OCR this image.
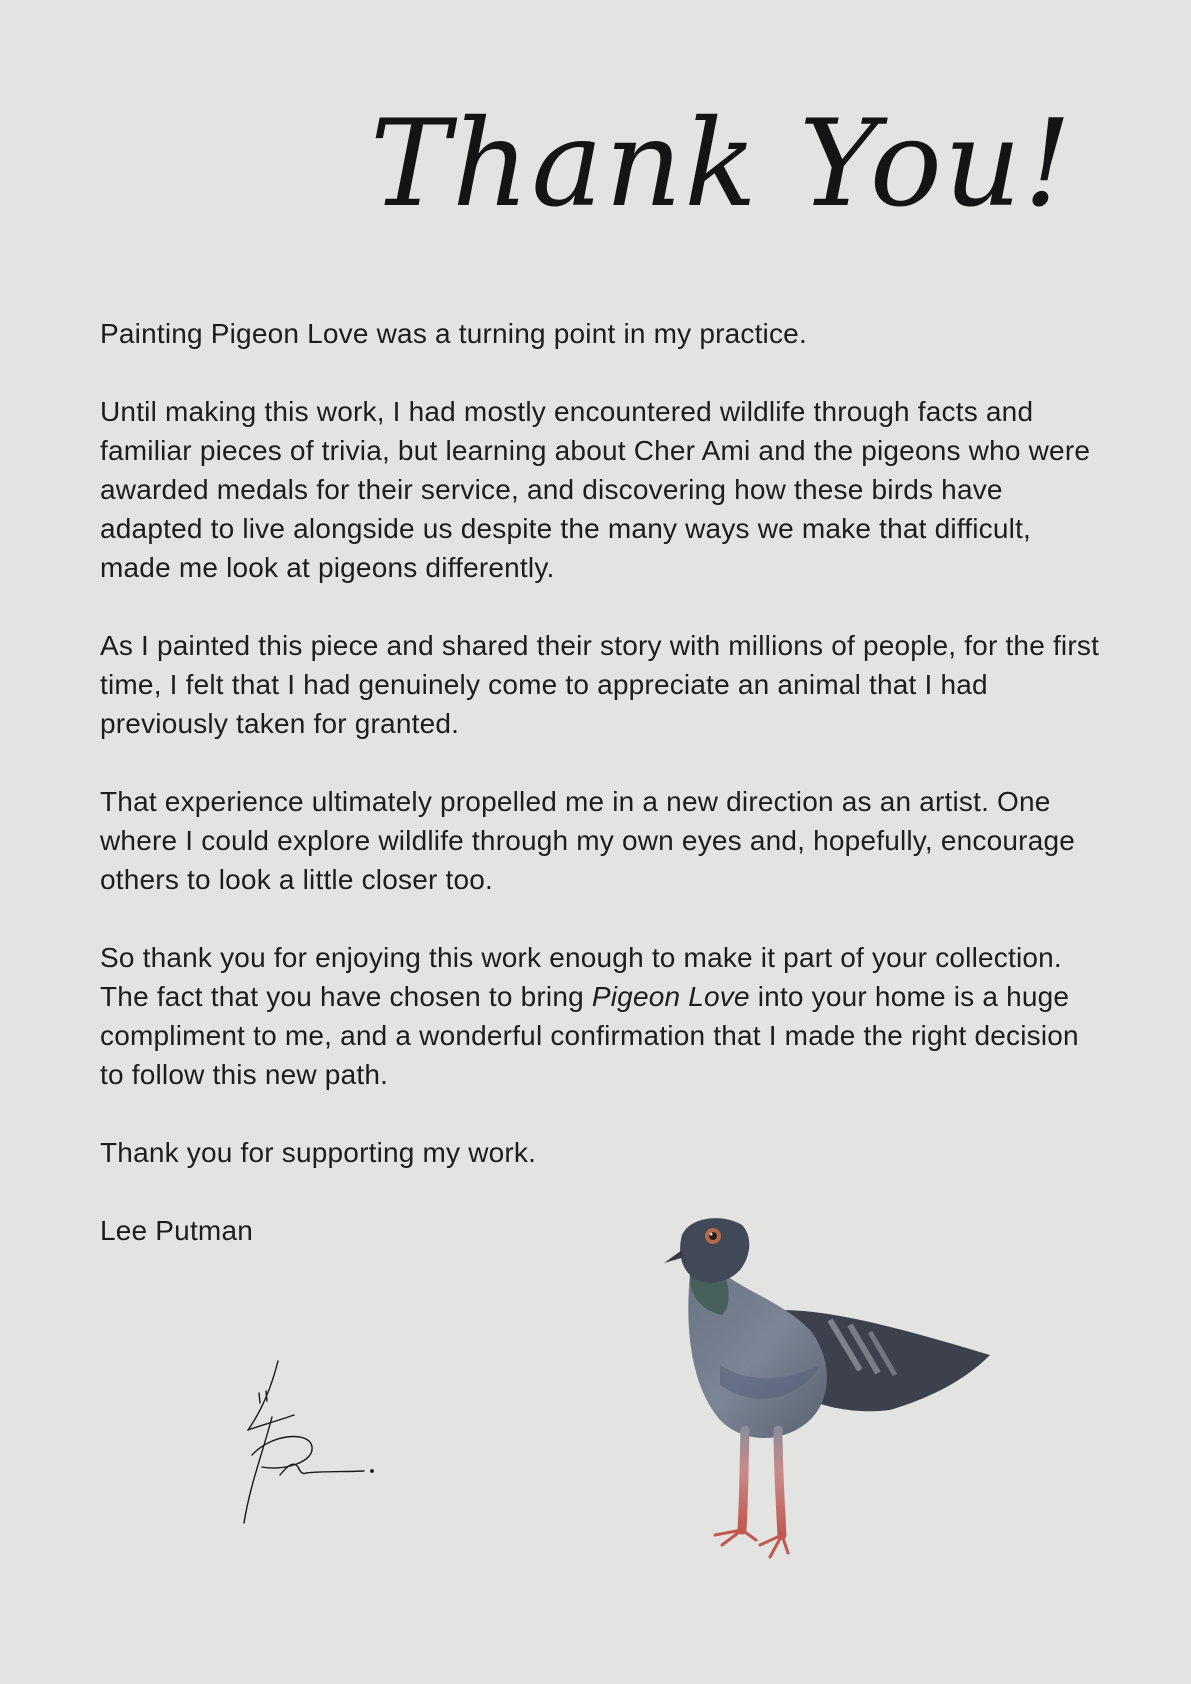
Thank You!

Painting Pigeon Love was a turning point in my practice.

Until making this work, I had mostly encountered wildlife through facts and familiar pieces of trivia, but learning about Cher Ami and the pigeons who were awarded medals for their service, and discovering how these birds have adapted to live alongside us despite the many ways we make that difficult, made me look at pigeons differently.

As I painted this piece and shared their story with millions of people, for the first time, I felt that I had genuinely come to appreciate an animal that I had previously taken for granted.

That experience ultimately propelled me in a new direction as an artist. One where I could explore wildlife through my own eyes and, hopefully, encourage others to look a little closer too.

So thank you for enjoying this work enough to make it part of your collection. The fact that you have chosen to bring Pigeon Love into your home is a huge compliment to me, and a wonderful confirmation that I made the right decision to follow this new path.

Thank you for supporting my work.

Lee Putman
